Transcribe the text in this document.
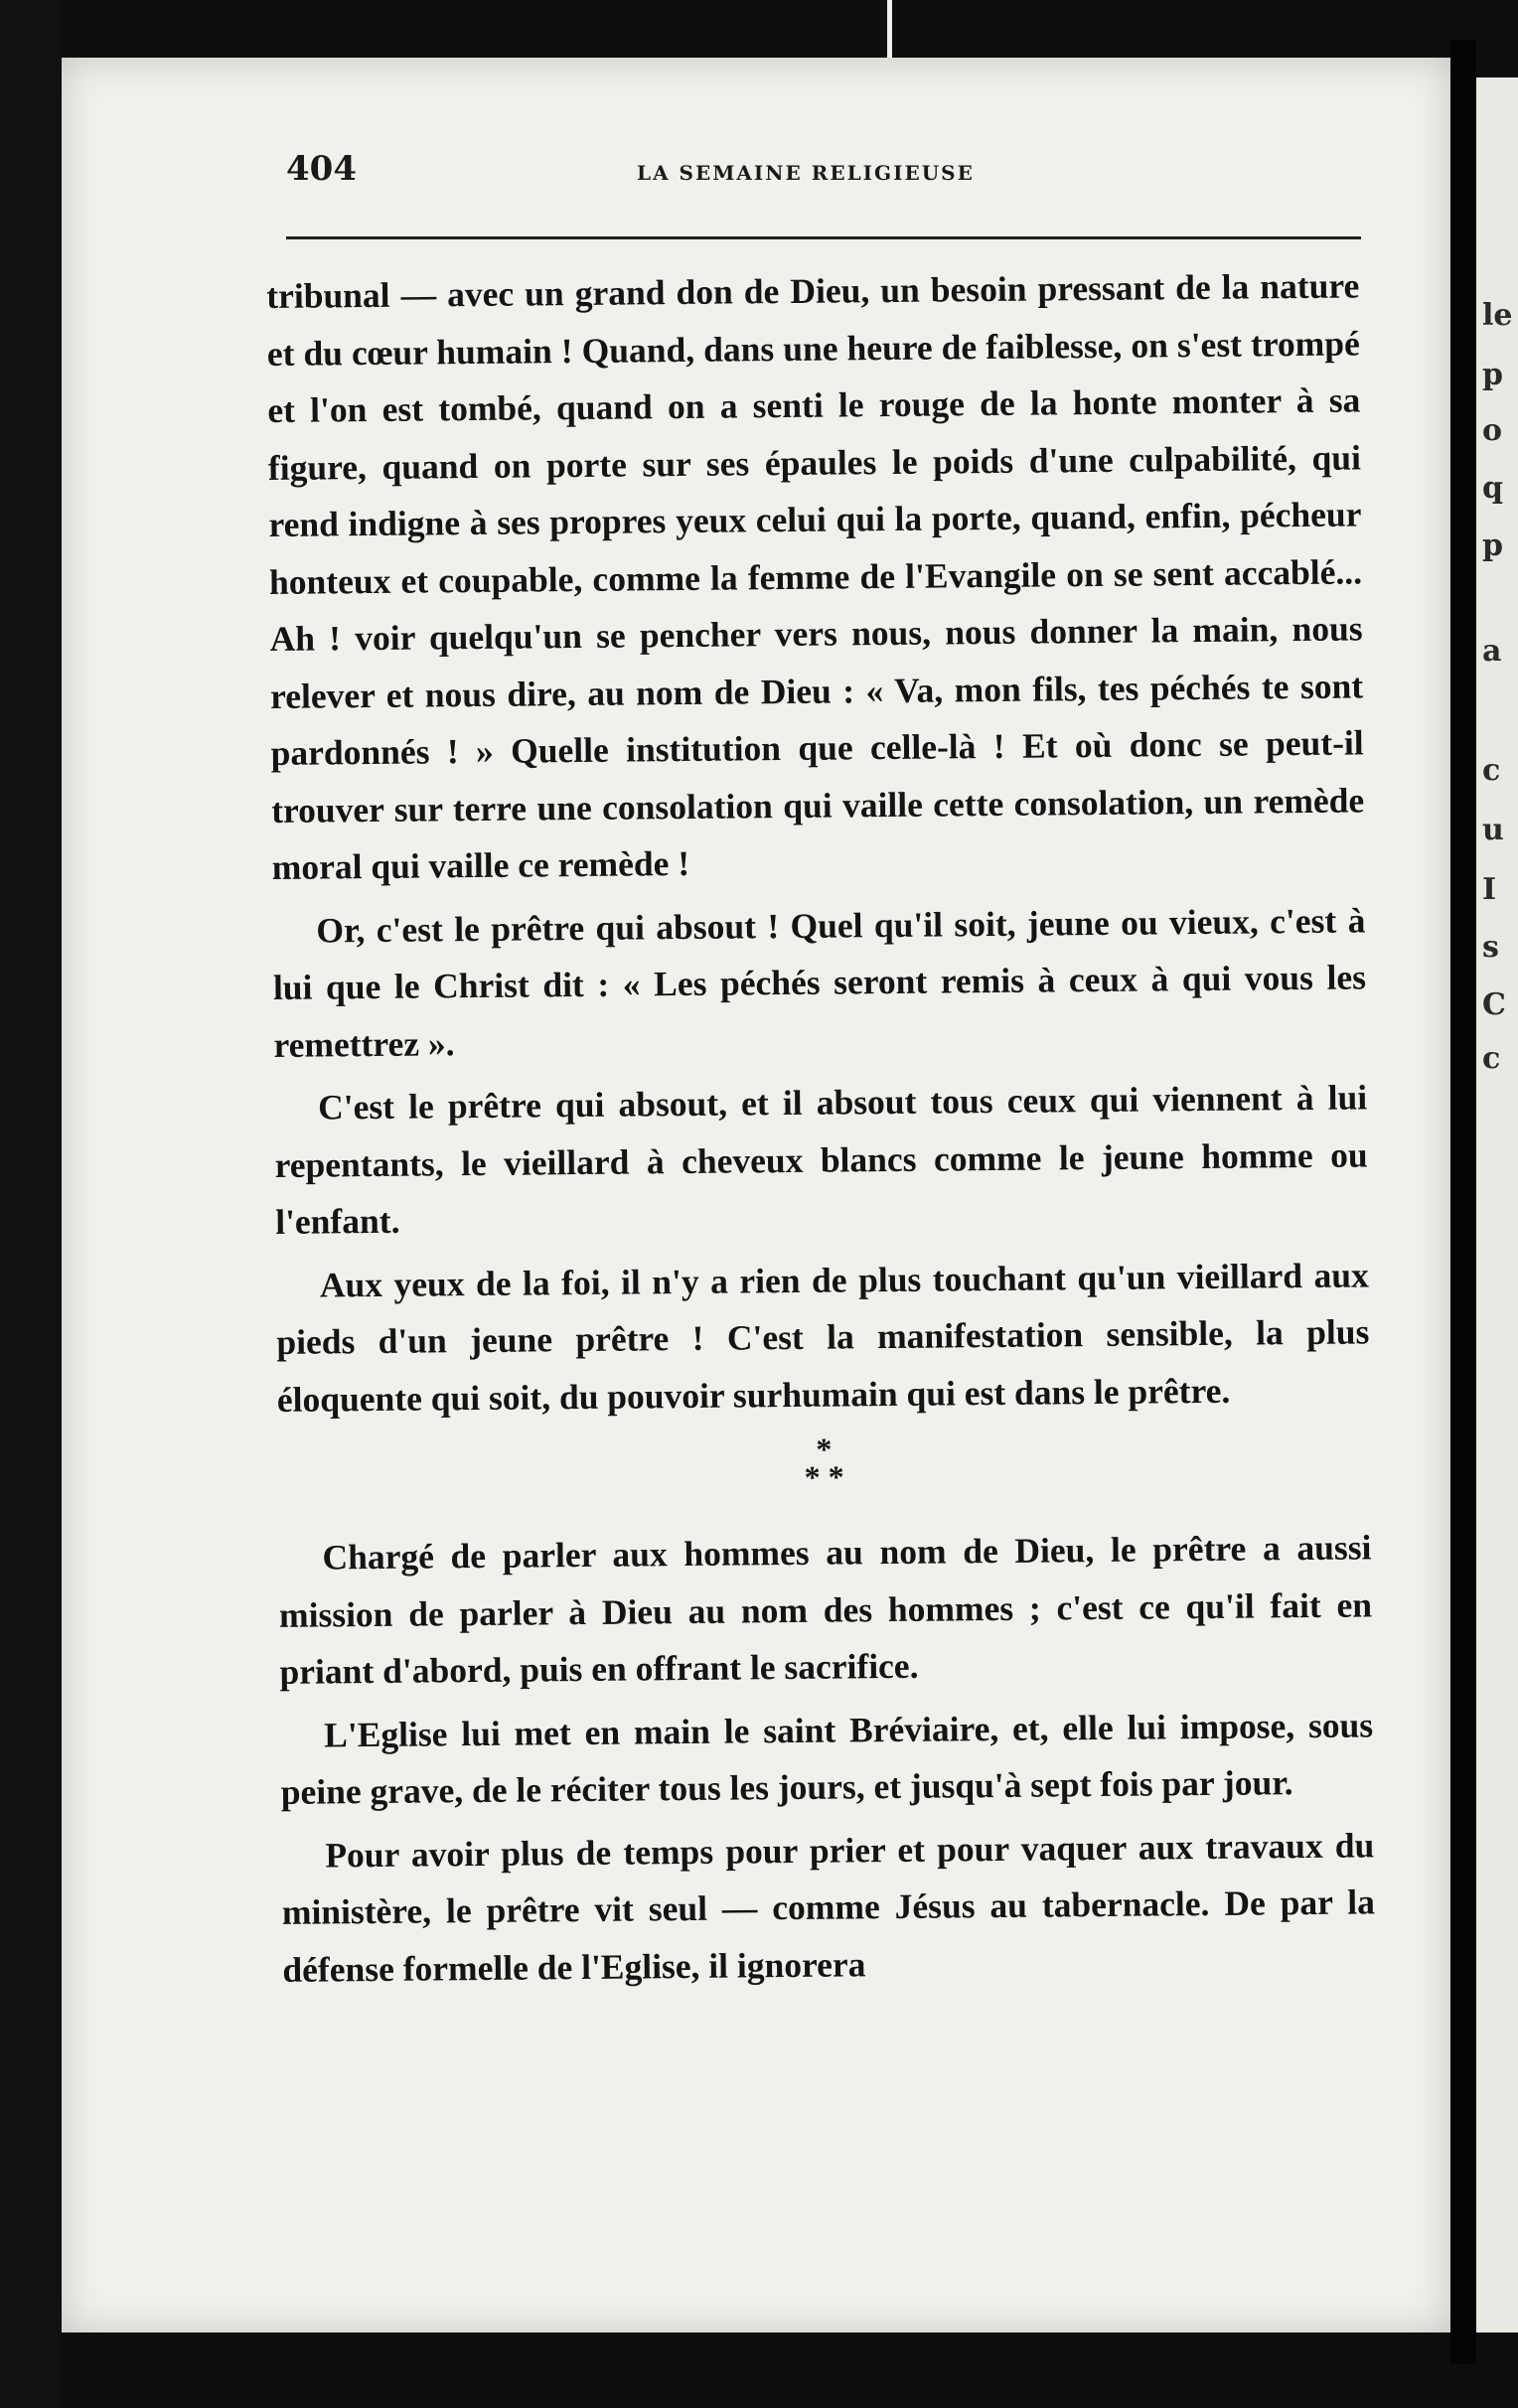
404	LA SEMAINE RELIGIEUSE

tribunal — avec un grand don de Dieu, un besoin pressant de la nature et du cœur humain ! Quand, dans une heure de faiblesse, on s'est trompé et l'on est tombé, quand on a senti le rouge de la honte monter à sa figure, quand on porte sur ses épaules le poids d'une culpabilité, qui rend indigne à ses propres yeux celui qui la porte, quand, enfin, pécheur honteux et coupable, comme la femme de l'Evangile on se sent accablé... Ah ! voir quelqu'un se pencher vers nous, nous donner la main, nous relever et nous dire, au nom de Dieu : « Va, mon fils, tes péchés te sont pardonnés ! » Quelle institution que celle-là ! Et où donc se peut-il trouver sur terre une consolation qui vaille cette consolation, un remède moral qui vaille ce remède !

Or, c'est le prêtre qui absout ! Quel qu'il soit, jeune ou vieux, c'est à lui que le Christ dit : « Les péchés seront remis à ceux à qui vous les remettrez ».

C'est le prêtre qui absout, et il absout tous ceux qui viennent à lui repentants, le vieillard à cheveux blancs comme le jeune homme ou l'enfant.

Aux yeux de la foi, il n'y a rien de plus touchant qu'un vieillard aux pieds d'un jeune prêtre ! C'est la manifestation sensible, la plus éloquente qui soit, du pouvoir surhumain qui est dans le prêtre.

*
* *

Chargé de parler aux hommes au nom de Dieu, le prêtre a aussi mission de parler à Dieu au nom des hommes ; c'est ce qu'il fait en priant d'abord, puis en offrant le sacrifice.

L'Eglise lui met en main le saint Bréviaire, et, elle lui impose, sous peine grave, de le réciter tous les jours, et jusqu'à sept fois par jour.

Pour avoir plus de temps pour prier et pour vaquer aux travaux du ministère, le prêtre vit seul — comme Jésus au tabernacle. De par la défense formelle de l'Eglise, il ignorera

le
p
o
q
p
a
c
u
I
s
C
c
